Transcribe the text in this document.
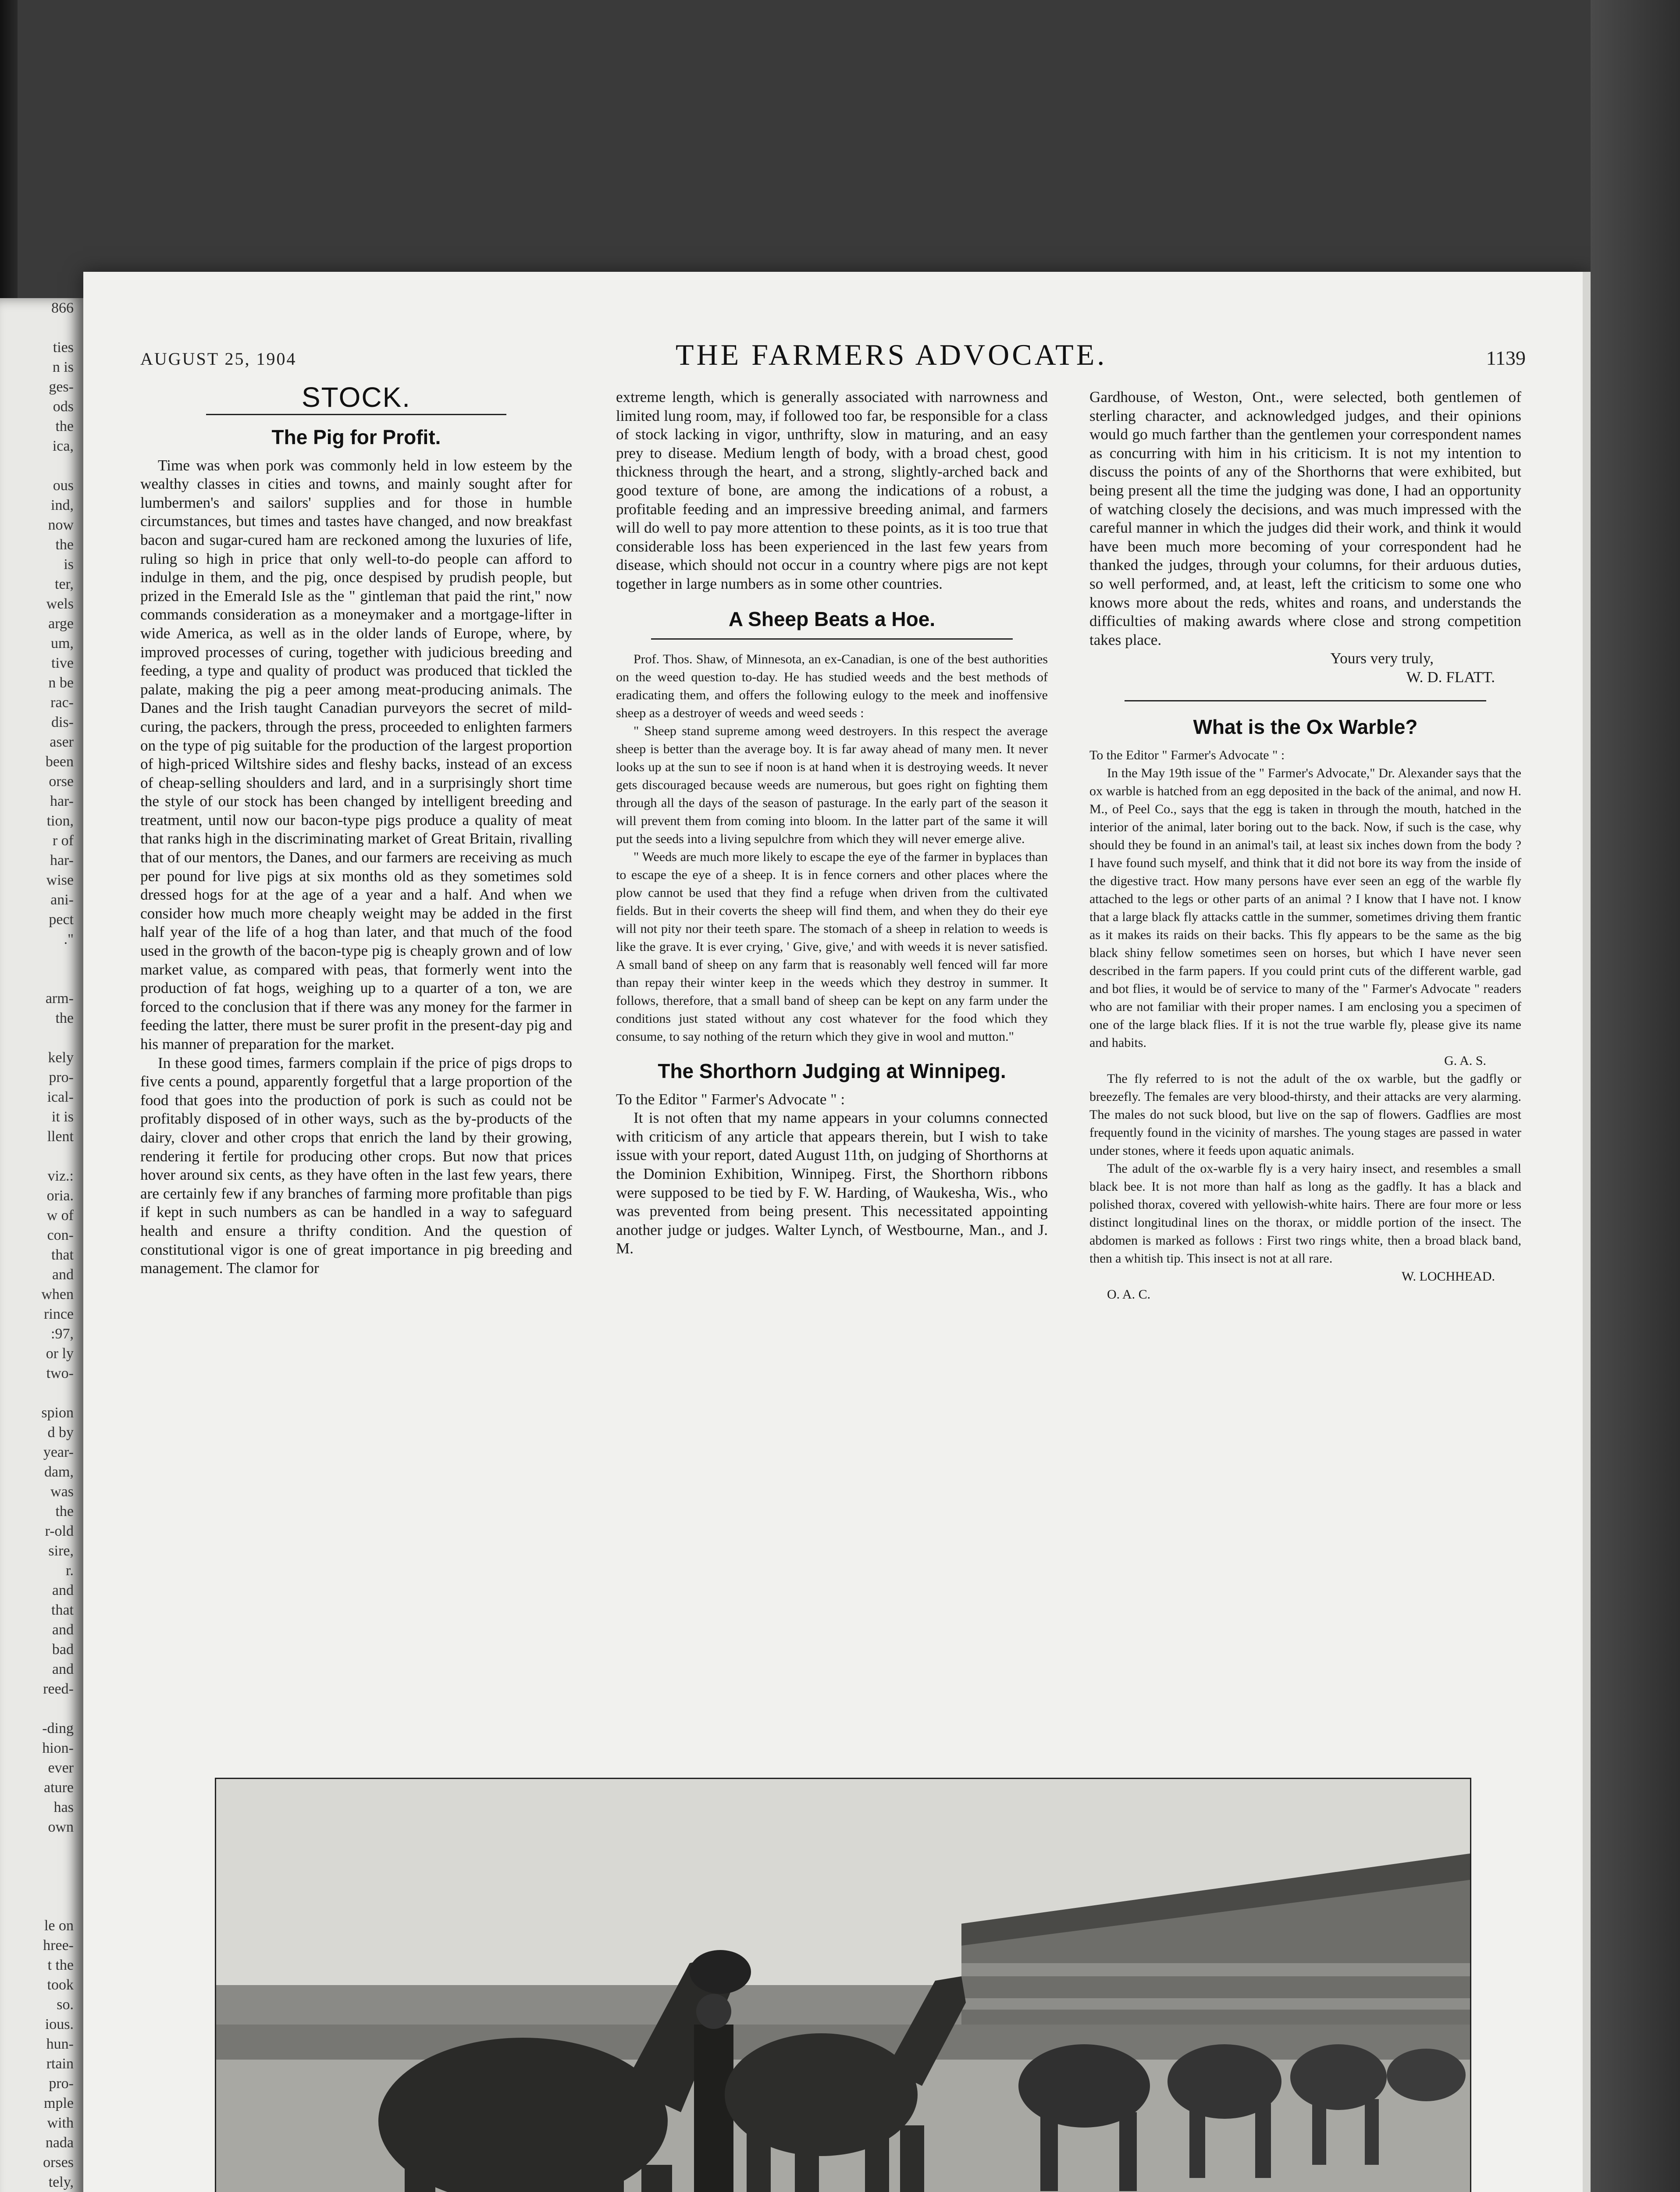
866

ties

n is

ges-

ods

the

ica,

ous

ind,

now

the

is

ter,

wels

arge

um,

tive

n be

rac-

dis-

aser

been

orse

har-

tion,

r of

har-

wise

ani-

pect

."

arm-

the

kely

pro-

ical-

it is

llent

viz.:

oria.

w of

con-

that

and

when

rince

:97,

or ly

two-

spion

d by

year-

dam,

was

the

r-old

sire,

r.

and

that

and

bad

and

reed-

-ding

hion-

ever

ature

has

own

le on

hree-

t the

took

so.

ious.

hun-

rtain

pro-

mple

with

nada

orses

tely,

AUGUST 25, 1904	THE FARMERS ADVOCATE.	1139
STOCK.
The Pig for Profit.

Time was when pork was commonly held in low esteem by the wealthy classes in cities and towns, and mainly sought after for lumbermen's and sailors' supplies and for those in humble circumstances, but times and tastes have changed, and now breakfast bacon and sugar-cured ham are reckoned among the luxuries of life, ruling so high in price that only well-to-do people can afford to indulge in them, and the pig, once despised by prudish people, but prized in the Emerald Isle as the " gintleman that paid the rint," now commands consideration as a moneymaker and a mortgage-lifter in wide America, as well as in the older lands of Europe, where, by improved processes of curing, together with judicious breeding and feeding, a type and quality of product was produced that tickled the palate, making the pig a peer among meat-producing animals. The Danes and the Irish taught Canadian purveyors the secret of mild-curing, the packers, through the press, proceeded to enlighten farmers on the type of pig suitable for the production of the largest proportion of high-priced Wiltshire sides and fleshy backs, instead of an excess of cheap-selling shoulders and lard, and in a surprisingly short time the style of our stock has been changed by intelligent breeding and treatment, until now our bacon-type pigs produce a quality of meat that ranks high in the discriminating market of Great Britain, rivalling that of our mentors, the Danes, and our farmers are receiving as much per pound for live pigs at six months old as they sometimes sold dressed hogs for at the age of a year and a half. And when we consider how much more cheaply weight may be added in the first half year of the life of a hog than later, and that much of the food used in the growth of the bacon-type pig is cheaply grown and of low market value, as compared with peas, that formerly went into the production of fat hogs, weighing up to a quarter of a ton, we are forced to the conclusion that if there was any money for the farmer in feeding the latter, there must be surer profit in the present-day pig and his manner of preparation for the market.

In these good times, farmers complain if the price of pigs drops to five cents a pound, apparently forgetful that a large proportion of the food that goes into the production of pork is such as could not be profitably disposed of in other ways, such as the by-products of the dairy, clover and other crops that enrich the land by their growing, rendering it fertile for producing other crops. But now that prices hover around six cents, as they have often in the last few years, there are certainly few if any branches of farming more profitable than pigs if kept in such numbers as can be handled in a way to safeguard health and ensure a thrifty condition. And the question of constitutional vigor is one of great importance in pig breeding and management. The clamor for

extreme length, which is generally associated with narrowness and limited lung room, may, if followed too far, be responsible for a class of stock lacking in vigor, unthrifty, slow in maturing, and an easy prey to disease. Medium length of body, with a broad chest, good thickness through the heart, and a strong, slightly-arched back and good texture of bone, are among the indications of a robust, a profitable feeding and an impressive breeding animal, and farmers will do well to pay more attention to these points, as it is too true that considerable loss has been experienced in the last few years from disease, which should not occur in a country where pigs are not kept together in large numbers as in some other countries.

A Sheep Beats a Hoe.

Prof. Thos. Shaw, of Minnesota, an ex-Canadian, is one of the best authorities on the weed question to-day. He has studied weeds and the best methods of eradicating them, and offers the following eulogy to the meek and inoffensive sheep as a destroyer of weeds and weed seeds :

" Sheep stand supreme among weed destroyers. In this respect the average sheep is better than the average boy. It is far away ahead of many men. It never looks up at the sun to see if noon is at hand when it is destroying weeds. It never gets discouraged because weeds are numerous, but goes right on fighting them through all the days of the season of pasturage. In the early part of the season it will prevent them from coming into bloom. In the latter part of the same it will put the seeds into a living sepulchre from which they will never emerge alive.

" Weeds are much more likely to escape the eye of the farmer in byplaces than to escape the eye of a sheep. It is in fence corners and other places where the plow cannot be used that they find a refuge when driven from the cultivated fields. But in their coverts the sheep will find them, and when they do their eye will not pity nor their teeth spare. The stomach of a sheep in relation to weeds is like the grave. It is ever crying, ' Give, give,' and with weeds it is never satisfied. A small band of sheep on any farm that is reasonably well fenced will far more than repay their winter keep in the weeds which they destroy in summer. It follows, therefore, that a small band of sheep can be kept on any farm under the conditions just stated without any cost whatever for the food which they consume, to say nothing of the return which they give in wool and mutton."

The Shorthorn Judging at Winnipeg.

To the Editor " Farmer's Advocate " :

It is not often that my name appears in your columns connected with criticism of any article that appears therein, but I wish to take issue with your report, dated August 11th, on judging of Shorthorns at the Dominion Exhibition, Winnipeg. First, the Shorthorn ribbons were supposed to be tied by F. W. Harding, of Waukesha, Wis., who was prevented from being present. This necessitated appointing another judge or judges. Walter Lynch, of Westbourne, Man., and J. M.

Gardhouse, of Weston, Ont., were selected, both gentlemen of sterling character, and acknowledged judges, and their opinions would go much farther than the gentlemen your correspondent names as concurring with him in his criticism. It is not my intention to discuss the points of any of the Shorthorns that were exhibited, but being present all the time the judging was done, I had an opportunity of watching closely the decisions, and was much impressed with the careful manner in which the judges did their work, and think it would have been much more becoming of your correspondent had he thanked the judges, through your columns, for their arduous duties, so well performed, and, at least, left the criticism to some one who knows more about the reds, whites and roans, and understands the difficulties of making awards where close and strong competition takes place.

Yours very truly,

W. D. FLATT.

What is the Ox Warble?

To the Editor " Farmer's Advocate " :

In the May 19th issue of the " Farmer's Advocate," Dr. Alexander says that the ox warble is hatched from an egg deposited in the back of the animal, and now H. M., of Peel Co., says that the egg is taken in through the mouth, hatched in the interior of the animal, later boring out to the back. Now, if such is the case, why should they be found in an animal's tail, at least six inches down from the body ? I have found such myself, and think that it did not bore its way from the inside of the digestive tract. How many persons have ever seen an egg of the warble fly attached to the legs or other parts of an animal ? I know that I have not. I know that a large black fly attacks cattle in the summer, sometimes driving them frantic as it makes its raids on their backs. This fly appears to be the same as the big black shiny fellow sometimes seen on horses, but which I have never seen described in the farm papers. If you could print cuts of the different warble, gad and bot flies, it would be of service to many of the " Farmer's Advocate " readers who are not familiar with their proper names. I am enclosing you a specimen of one of the large black flies. If it is not the true warble fly, please give its name and habits.

G. A. S.

The fly referred to is not the adult of the ox warble, but the gadfly or breezefly. The females are very blood-thirsty, and their attacks are very alarming. The males do not suck blood, but live on the sap of flowers. Gadflies are most frequently found in the vicinity of marshes. The young stages are passed in water under stones, where it feeds upon aquatic animals.

The adult of the ox-warble fly is a very hairy insect, and resembles a small black bee. It is not more than half as long as the gadfly. It has a black and polished thorax, covered with yellowish-white hairs. There are four more or less distinct longitudinal lines on the thorax, or middle portion of the insect. The abdomen is marked as follows : First two rings white, then a broad black band, then a whitish tip. This insect is not at all rare.

W. LOCHHEAD.

O. A. C.
